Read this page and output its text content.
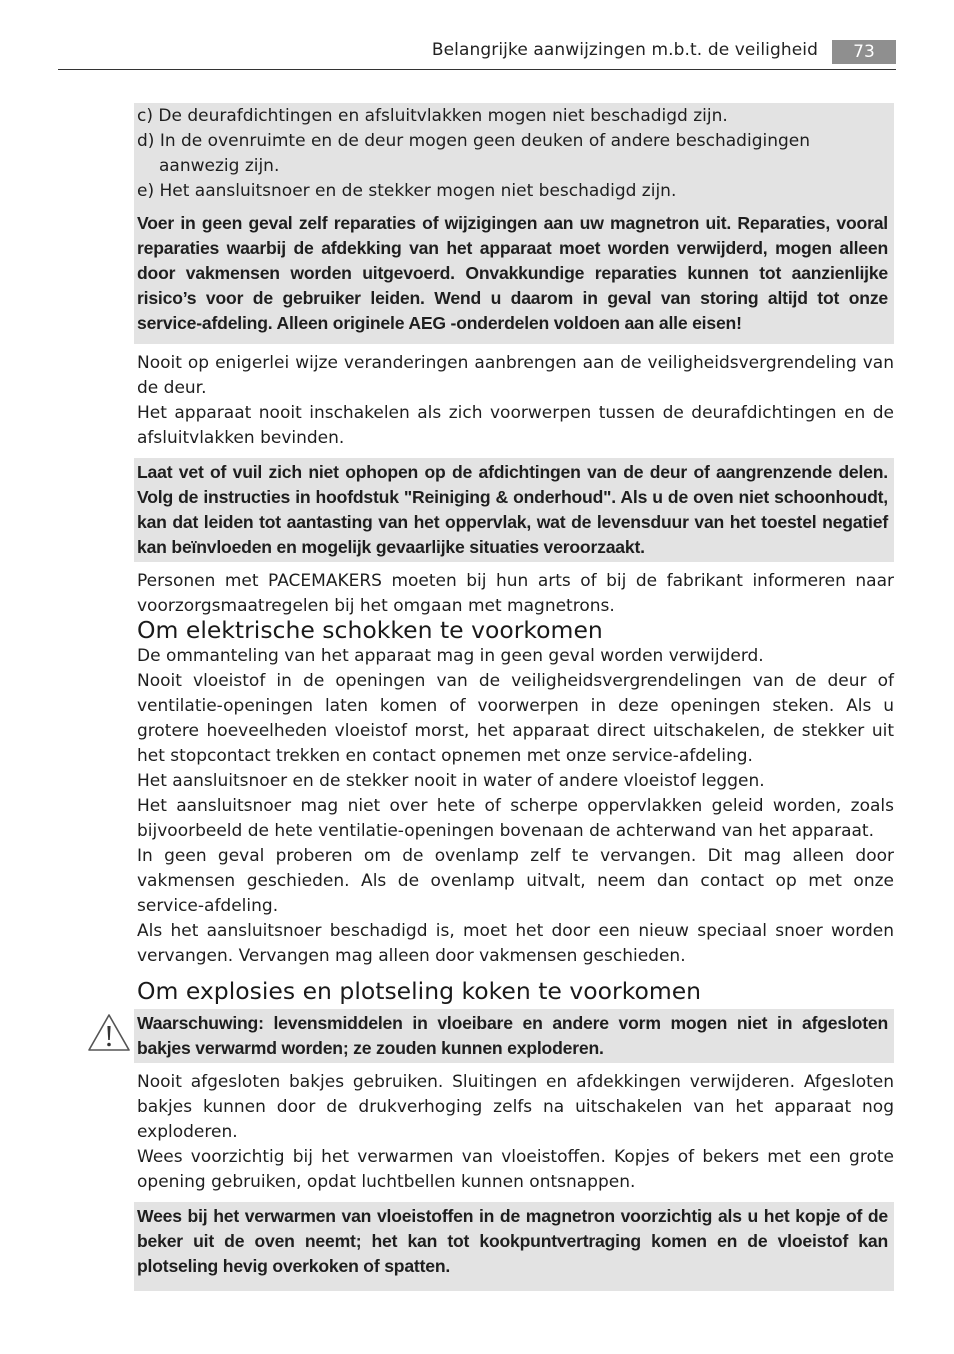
Belangrijke aanwijzingen m.b.t. de veiligheid	73
c) De deurafdichtingen en afsluitvlakken mogen niet beschadigd zijn.
d) In de ovenruimte en de deur mogen geen deuken of andere beschadigingen aanwezig zijn.
e) Het aansluitsnoer en de stekker mogen niet beschadigd zijn.
Voer in geen geval zelf reparaties of wijzigingen aan uw magnetron uit. Reparaties, vooral reparaties waarbij de afdekking van het apparaat moet worden verwijderd, mogen alleen door vakmensen worden uitgevoerd. Onvakkundige reparaties kunnen tot aanzienlijke risico’s voor de gebruiker leiden. Wend u daarom in geval van storing altijd tot onze service-afdeling. Alleen originele AEG -onderdelen voldoen aan alle eisen!

Nooit op enigerlei wijze veranderingen aanbrengen aan de veiligheidsvergrendeling van de deur.

Het apparaat nooit inschakelen als zich voorwerpen tussen de deurafdichtingen en de afsluitvlakken bevinden.

Laat vet of vuil zich niet ophopen op de afdichtingen van de deur of aangrenzende delen. Volg de instructies in hoofdstuk "Reiniging & onderhoud". Als u de oven niet schoonhoudt, kan dat leiden tot aantasting van het oppervlak, wat de levensduur van het toestel negatief kan beïnvloeden en mogelijk gevaarlijke situaties veroorzaakt.

Personen met PACEMAKERS moeten bij hun arts of bij de fabrikant informeren naar voorzorgsmaatregelen bij het omgaan met magnetrons.

Om elektrische schokken te voorkomen

De ommanteling van het apparaat mag in geen geval worden verwijderd.

Nooit vloeistof in de openingen van de veiligheidsvergrendelingen van de deur of ventilatie-openingen laten komen of voorwerpen in deze openingen steken. Als u grotere hoeveelheden vloeistof morst, het apparaat direct uitschakelen, de stekker uit het stopcontact trekken en contact opnemen met onze service-afdeling.

Het aansluitsnoer en de stekker nooit in water of andere vloeistof leggen.

Het aansluitsnoer mag niet over hete of scherpe oppervlakken geleid worden, zoals bijvoorbeeld de hete ventilatie-openingen bovenaan de achterwand van het apparaat.

In geen geval proberen om de ovenlamp zelf te vervangen. Dit mag alleen door vakmensen geschieden. Als de ovenlamp uitvalt, neem dan contact op met onze service-afdeling.

Als het aansluitsnoer beschadigd is, moet het door een nieuw speciaal snoer worden vervangen. Vervangen mag alleen door vakmensen geschieden.

Om explosies en plotseling koken te voorkomen
Waarschuwing: levensmiddelen in vloeibare en andere vorm mogen niet in afgesloten bakjes verwarmd worden; ze zouden kunnen exploderen.

Nooit afgesloten bakjes gebruiken. Sluitingen en afdekkingen verwijderen. Afgesloten bakjes kunnen door de drukverhoging zelfs na uitschakelen van het apparaat nog exploderen.

Wees voorzichtig bij het verwarmen van vloeistoffen. Kopjes of bekers met een grote opening gebruiken, opdat luchtbellen kunnen ontsnappen.

Wees bij het verwarmen van vloeistoffen in de magnetron voorzichtig als u het kopje of de beker uit de oven neemt; het kan tot kookpuntvertraging komen en de vloeistof kan plotseling hevig overkoken of spatten.
